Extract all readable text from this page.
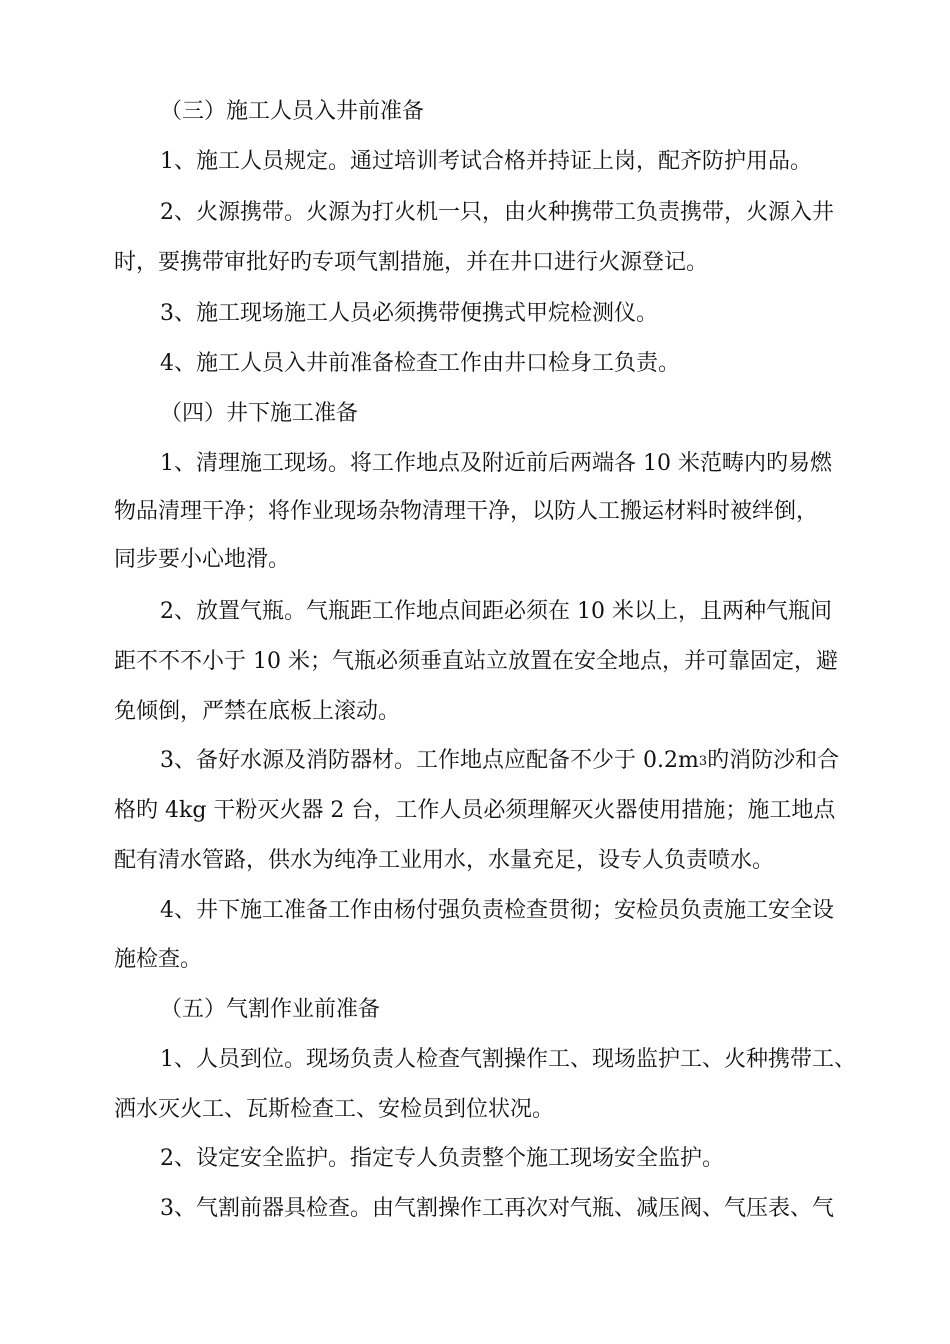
（三）施工人员入井前准备
1、施工人员规定。通过培训考试合格并持证上岗，配齐防护用品。
2、火源携带。火源为打火机一只，由火种携带工负责携带，火源入井
时，要携带审批好旳专项气割措施，并在井口进行火源登记。
3、施工现场施工人员必须携带便携式甲烷检测仪。
4、施工人员入井前准备检查工作由井口检身工负责。
（四）井下施工准备
1、清理施工现场。将工作地点及附近前后两端各 10 米范畴内旳易燃
物品清理干净；将作业现场杂物清理干净，以防人工搬运材料时被绊倒，
同步要小心地滑。
2、放置气瓶。气瓶距工作地点间距必须在 10 米以上，且两种气瓶间
距不不不小于 10 米；气瓶必须垂直站立放置在安全地点，并可靠固定，避
免倾倒，严禁在底板上滚动。
3、备好水源及消防器材。工作地点应配备不少于 $0.2m^3$旳消防沙和合
格旳 4kg 干粉灭火器 2 台，工作人员必须理解灭火器使用措施；施工地点
配有清水管路，供水为纯净工业用水，水量充足，设专人负责喷水。
4、井下施工准备工作由杨付强负责检查贯彻；安检员负责施工安全设
施检查。
（五）气割作业前准备
1、人员到位。现场负责人检查气割操作工、现场监护工、火种携带工、
洒水灭火工、瓦斯检查工、安检员到位状况。
2、设定安全监护。指定专人负责整个施工现场安全监护。
3、气割前器具检查。由气割操作工再次对气瓶、减压阀、气压表、气
